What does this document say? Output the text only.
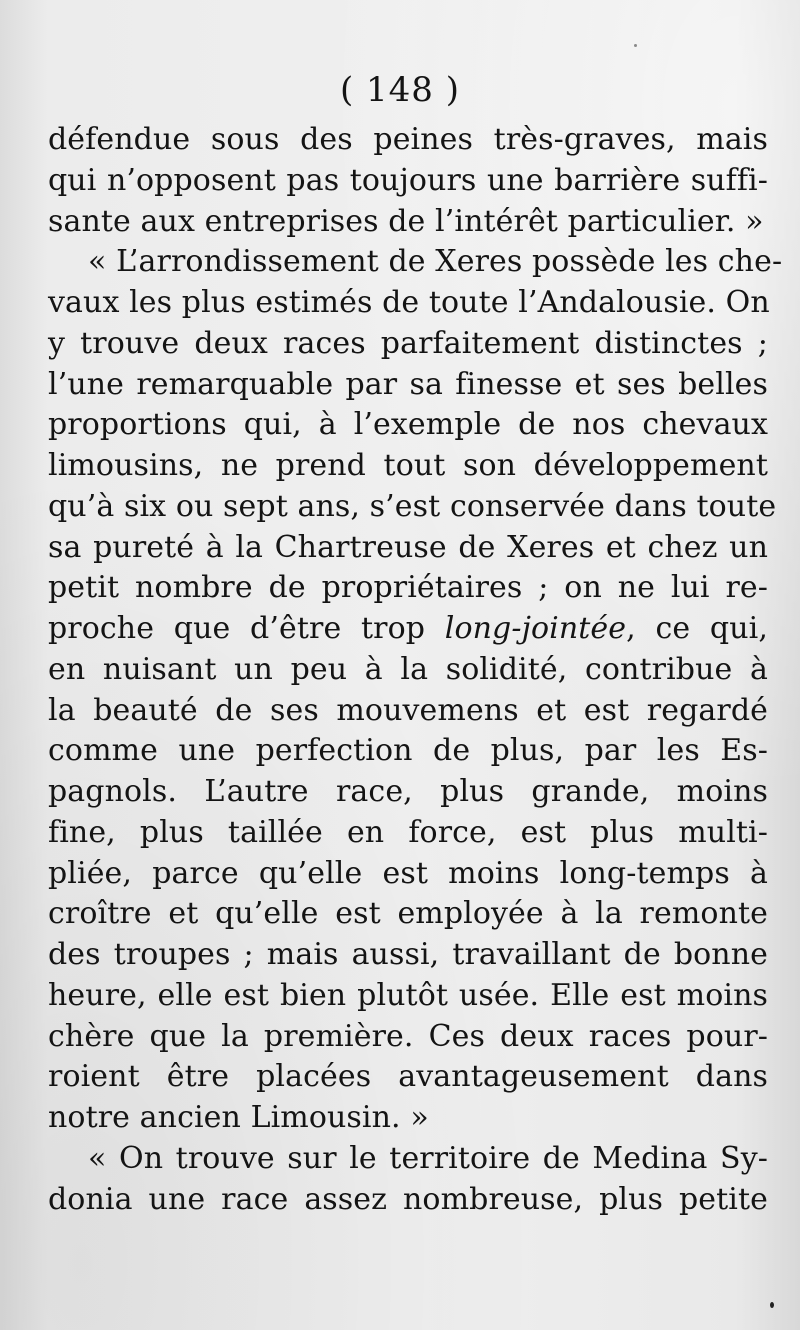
( 148 )
défendue sous des peines très-graves, mais
qui n’opposent pas toujours une barrière suffi-
sante aux entreprises de l’intérêt particulier. »
« L’arrondissement de Xeres possède les che-
vaux les plus estimés de toute l’Andalousie. On
y trouve deux races parfaitement distinctes ;
l’une remarquable par sa finesse et ses belles
proportions qui, à l’exemple de nos chevaux
limousins, ne prend tout son développement
qu’à six ou sept ans, s’est conservée dans toute
sa pureté à la Chartreuse de Xeres et chez un
petit nombre de propriétaires ; on ne lui re-
proche que d’être trop long-jointée, ce qui,
en nuisant un peu à la solidité, contribue à
la beauté de ses mouvemens et est regardé
comme une perfection de plus, par les Es-
pagnols. L’autre race, plus grande, moins
fine, plus taillée en force, est plus multi-
pliée, parce qu’elle est moins long-temps à
croître et qu’elle est employée à la remonte
des troupes ; mais aussi, travaillant de bonne
heure, elle est bien plutôt usée. Elle est moins
chère que la première. Ces deux races pour-
roient être placées avantageusement dans
notre ancien Limousin. »
« On trouve sur le territoire de Medina Sy-
donia une race assez nombreuse, plus petite
